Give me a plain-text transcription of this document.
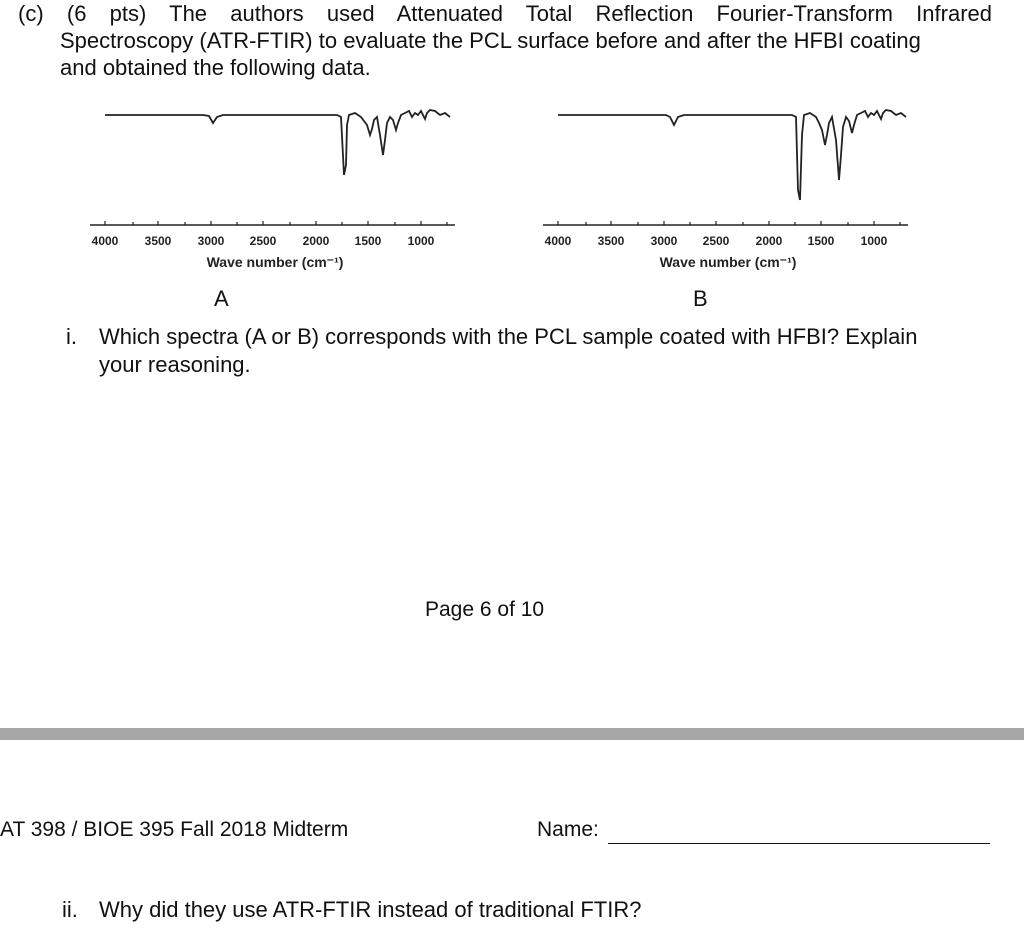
(c) (6 pts) The authors used Attenuated Total Reflection Fourier-Transform Infrared
Spectroscopy (ATR-FTIR) to evaluate the PCL surface before and after the HFBI coating
and obtained the following data.
4000 3500 3000 2500 2000 1500 1000
Wave number (cm⁻¹)
4000 3500 3000 2500 2000 1500 1000
Wave number (cm⁻¹)
A	B
i. Which spectra (A or B) corresponds with the PCL sample coated with HFBI? Explain
your reasoning.
Page 6 of 10
AT 398 / BIOE 395 Fall 2018 Midterm	Name:
ii. Why did they use ATR-FTIR instead of traditional FTIR?
